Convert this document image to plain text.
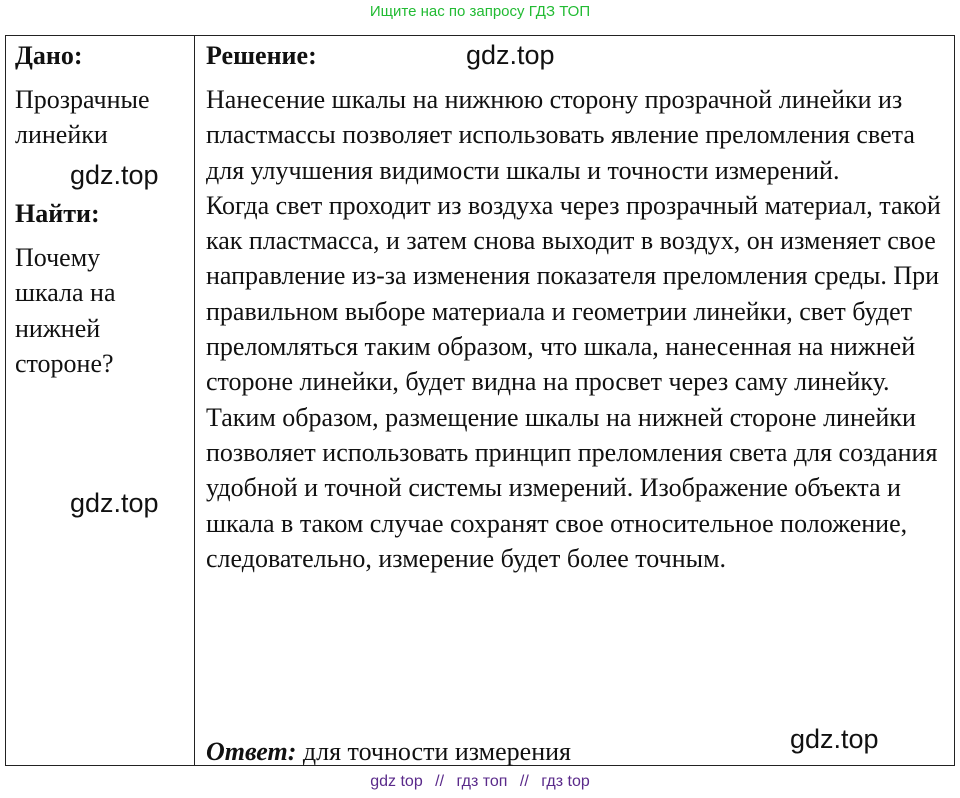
Ищите нас по запросу ГДЗ ТОП
Дано:
Прозрачные линейки
Найти:
Почему шкала на нижней стороне?
Решение:
Нанесение шкалы на нижнюю сторону прозрачной линейки из пластмассы позволяет использовать явление преломления света для улучшения видимости шкалы и точности измерений.
Когда свет проходит из воздуха через прозрачный материал, такой как пластмасса, и затем снова выходит в воздух, он изменяет свое направление из-за изменения показателя преломления среды. При правильном выборе материала и геометрии линейки, свет будет преломляться таким образом, что шкала, нанесенная на нижней стороне линейки, будет видна на просвет через саму линейку.
Таким образом, размещение шкалы на нижней стороне линейки позволяет использовать принцип преломления света для создания удобной и точной системы измерений. Изображение объекта и шкала в таком случае сохранят свое относительное положение, следовательно, измерение будет более точным.
Ответ: для точности измерения
gdz.top
gdz.top
gdz.top
gdz.top
gdz top // гдз топ // гдз top
